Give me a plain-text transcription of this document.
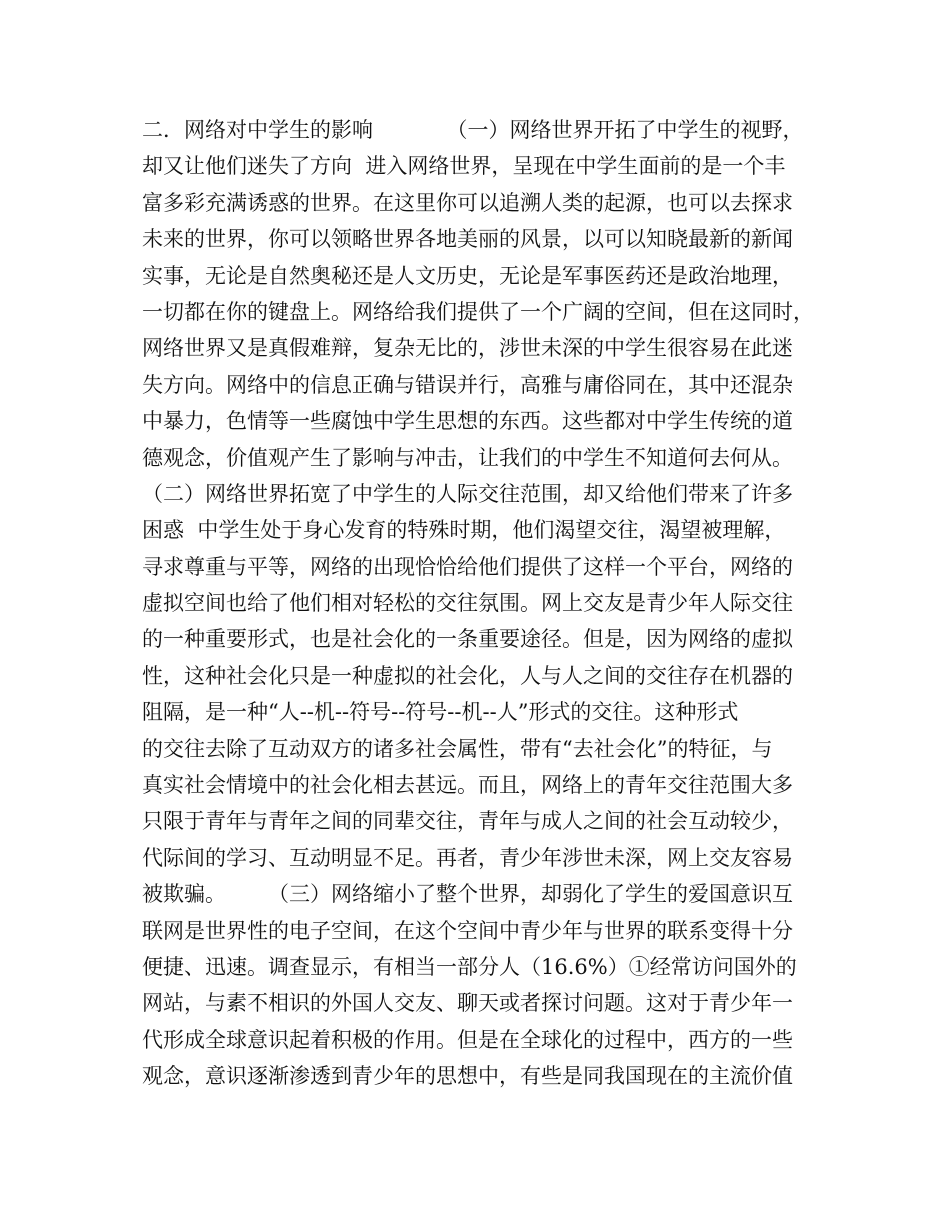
二．网络对中学生的影响　　　　（一）网络世界开拓了中学生的视野，
却又让他们迷失了方向  进入网络世界，呈现在中学生面前的是一个丰
富多彩充满诱惑的世界。在这里你可以追溯人类的起源，也可以去探求
未来的世界，你可以领略世界各地美丽的风景，以可以知晓最新的新闻
实事，无论是自然奥秘还是人文历史，无论是军事医药还是政治地理，
一切都在你的键盘上。网络给我们提供了一个广阔的空间，但在这同时，
网络世界又是真假难辩，复杂无比的，涉世未深的中学生很容易在此迷
失方向。网络中的信息正确与错误并行，高雅与庸俗同在，其中还混杂
中暴力，色情等一些腐蚀中学生思想的东西。这些都对中学生传统的道
德观念，价值观产生了影响与冲击，让我们的中学生不知道何去何从。
（二）网络世界拓宽了中学生的人际交往范围，却又给他们带来了许多
困惑  中学生处于身心发育的特殊时期，他们渴望交往，渴望被理解，
寻求尊重与平等，网络的出现恰恰给他们提供了这样一个平台，网络的
虚拟空间也给了他们相对轻松的交往氛围。网上交友是青少年人际交往
的一种重要形式，也是社会化的一条重要途径。但是，因为网络的虚拟
性，这种社会化只是一种虚拟的社会化，人与人之间的交往存在机器的
阻隔，是一种“人--机--符号--符号--机--人”形式的交往。这种形式
的交往去除了互动双方的诸多社会属性，带有“去社会化”的特征，与
真实社会情境中的社会化相去甚远。而且，网络上的青年交往范围大多
只限于青年与青年之间的同辈交往，青年与成人之间的社会互动较少，
代际间的学习、互动明显不足。再者，青少年涉世未深，网上交友容易
被欺骗。　　　（三）网络缩小了整个世界，却弱化了学生的爱国意识互
联网是世界性的电子空间，在这个空间中青少年与世界的联系变得十分
便捷、迅速。调查显示，有相当一部分人（16.6%）①经常访问国外的
网站，与素不相识的外国人交友、聊天或者探讨问题。这对于青少年一
代形成全球意识起着积极的作用。但是在全球化的过程中，西方的一些
观念，意识逐渐渗透到青少年的思想中，有些是同我国现在的主流价值
